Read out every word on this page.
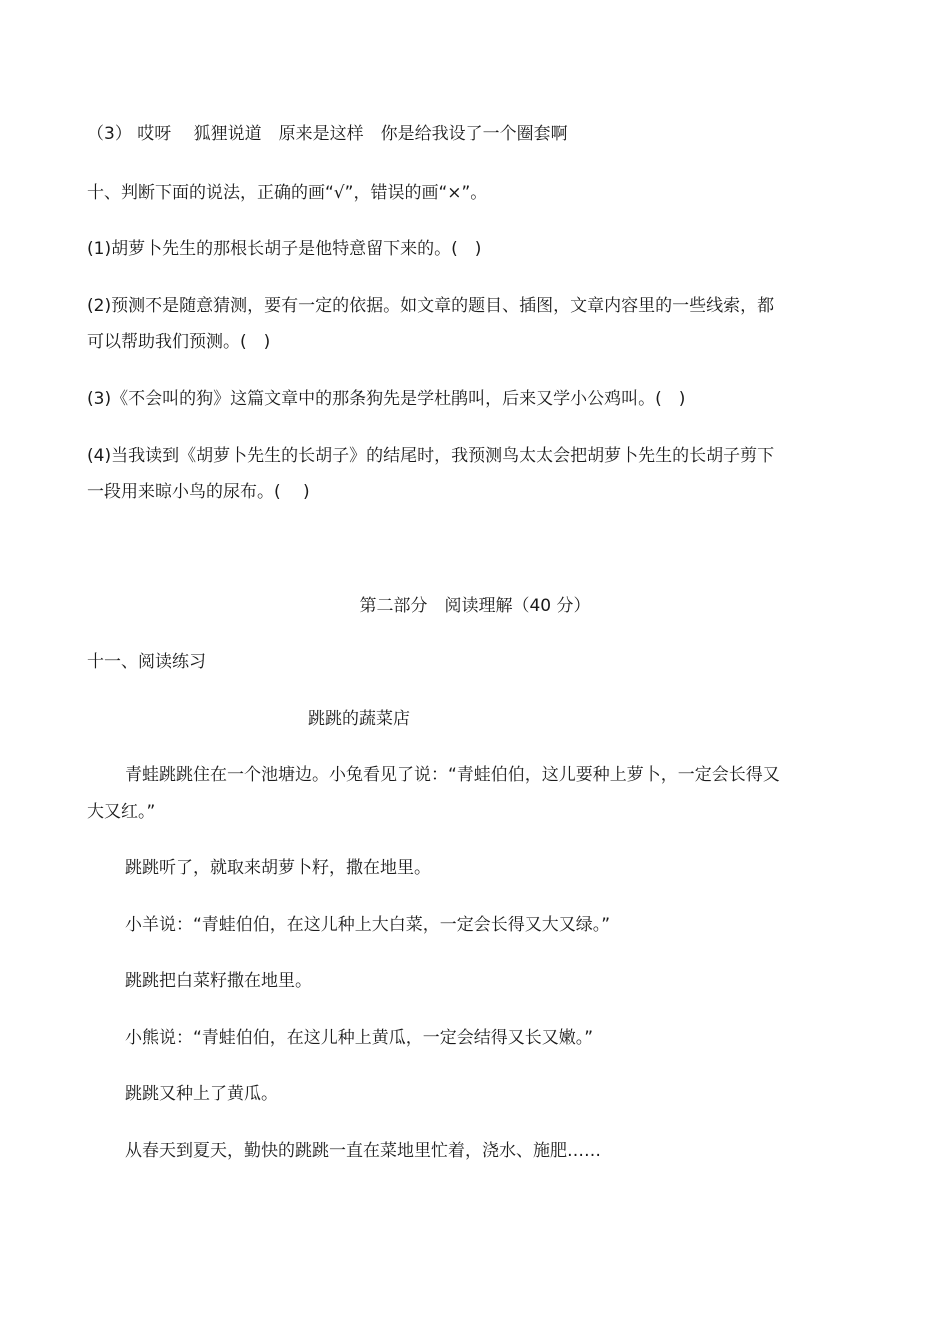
（3） 哎呀　 狐狸说道　原来是这样　你是给我设了一个圈套啊
十、判断下面的说法，正确的画“√”，错误的画“×”。
(1)胡萝卜先生的那根长胡子是他特意留下来的。(　)
(2)预测不是随意猜测，要有一定的依据。如文章的题目、插图，文章内容里的一些线索，都
可以帮助我们预测。(　)
(3)《不会叫的狗》这篇文章中的那条狗先是学杜鹃叫，后来又学小公鸡叫。(　)
(4)当我读到《胡萝卜先生的长胡子》的结尾时，我预测鸟太太会把胡萝卜先生的长胡子剪下
一段用来晾小鸟的尿布。(　 )
第二部分　阅读理解（40 分）
十一、阅读练习
跳跳的蔬菜店
青蛙跳跳住在一个池塘边。小兔看见了说：“青蛙伯伯，这儿要种上萝卜，一定会长得又
大又红。”
跳跳听了，就取来胡萝卜籽，撒在地里。
小羊说：“青蛙伯伯，在这儿种上大白菜，一定会长得又大又绿。”
跳跳把白菜籽撒在地里。
小熊说：“青蛙伯伯，在这儿种上黄瓜，一定会结得又长又嫩。”
跳跳又种上了黄瓜。
从春天到夏天，勤快的跳跳一直在菜地里忙着，浇水、施肥……
